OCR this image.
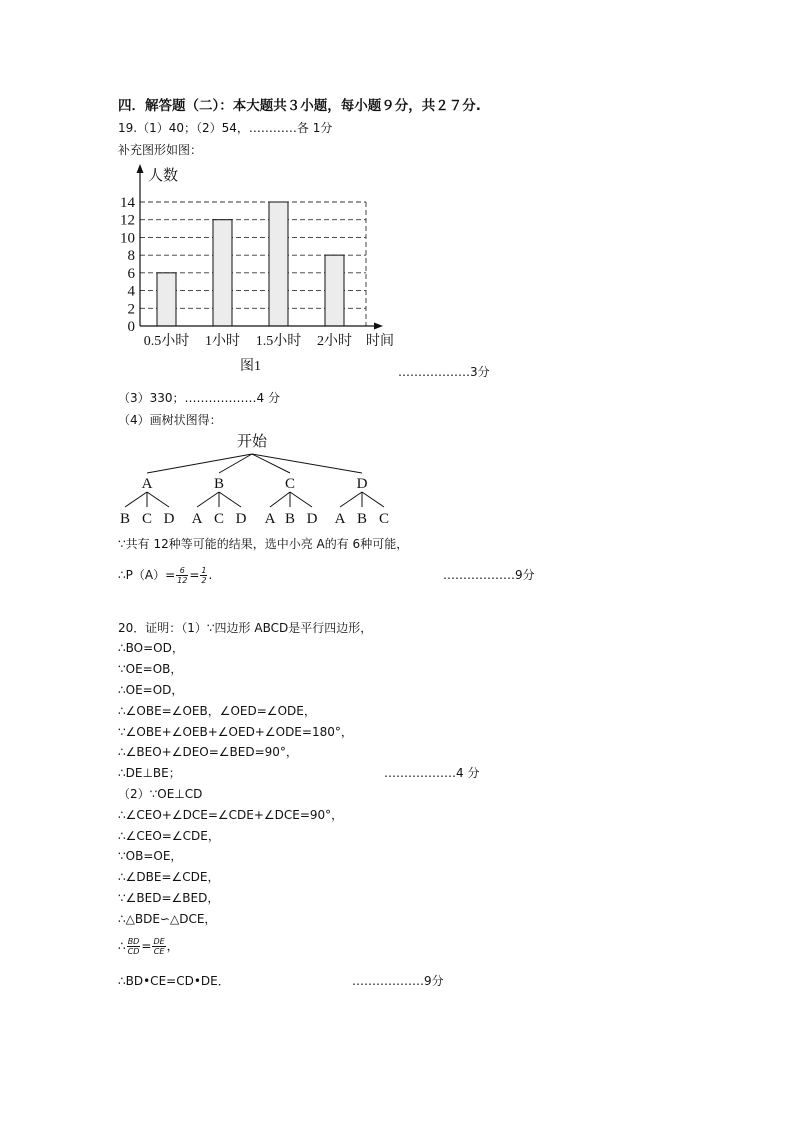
四．解答题（二）：本大题共３小题，每小题９分，共２７分.
19.（1）40；（2）54，…………各 1分
补充图形如图：
0
2
4
6
8
10
12
14
0.5小时 1小时 1.5小时 2小时
人数
时间
图1	………………3分
（3）330；………………4 分
（4）画树状图得：
开始
A
B C D
B
A C D
C
A B D
D
A B C
∵共有 12种等可能的结果，选中小亮 A的有 6种可能，
∴P（A）= $\frac{6}{12} = \frac{1}{2}$ .	………………9分
20．证明：（1）∵四边形 ABCD是平行四边形，
∴BO=OD，
∵OE=OB，
∴OE=OD，
∴∠OBE=∠OEB，∠OED=∠ODE，
∵∠OBE+∠OEB+∠OED+∠ODE=180°，
∴∠BEO+∠DEO=∠BED=90°，
∴DE⊥BE；	………………4 分
（2）∵OE⊥CD
∴∠CEO+∠DCE=∠CDE+∠DCE=90°，
∴∠CEO=∠CDE，
∵OB=OE，
∴∠DBE=∠CDE，
∵∠BED=∠BED，
∴△BDE∽△DCE，
∴ $\frac{BD}{CD} = \frac{DE}{CE}$ ，
∴BD•CE=CD•DE．	………………9分
